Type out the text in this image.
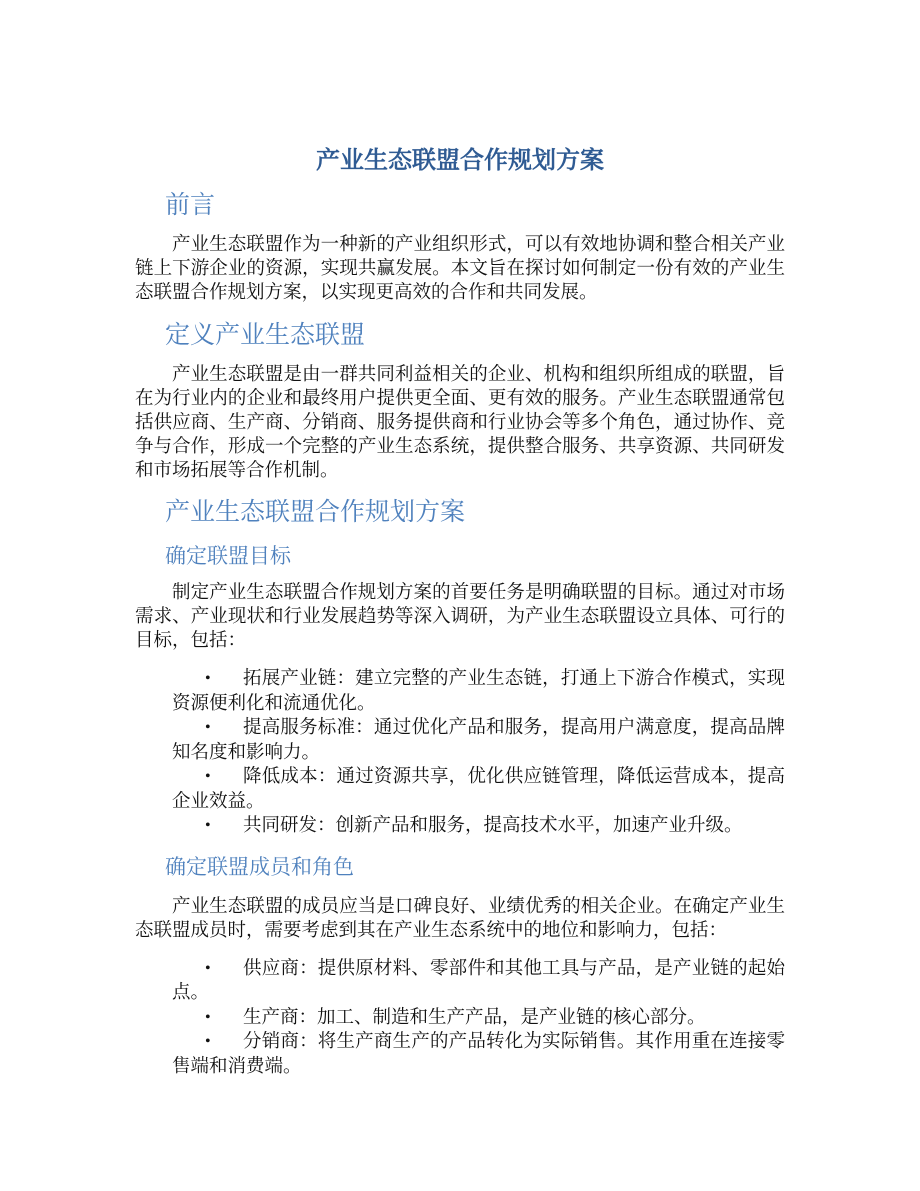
产业生态联盟合作规划方案
前言

产业生态联盟作为一种新的产业组织形式，可以有效地协调和整合相关产业链上下游企业的资源，实现共赢发展。本文旨在探讨如何制定一份有效的产业生态联盟合作规划方案，以实现更高效的合作和共同发展。

定义产业生态联盟

产业生态联盟是由一群共同利益相关的企业、机构和组织所组成的联盟，旨在为行业内的企业和最终用户提供更全面、更有效的服务。产业生态联盟通常包括供应商、生产商、分销商、服务提供商和行业协会等多个角色，通过协作、竞争与合作，形成一个完整的产业生态系统，提供整合服务、共享资源、共同研发和市场拓展等合作机制。

产业生态联盟合作规划方案
确定联盟目标

制定产业生态联盟合作规划方案的首要任务是明确联盟的目标。通过对市场需求、产业现状和行业发展趋势等深入调研，为产业生态联盟设立具体、可行的目标，包括：

• 拓展产业链：建立完整的产业生态链，打通上下游合作模式，实现资源便利化和流通优化。
• 提高服务标准：通过优化产品和服务，提高用户满意度，提高品牌知名度和影响力。
• 降低成本：通过资源共享，优化供应链管理，降低运营成本，提高企业效益。
• 共同研发：创新产品和服务，提高技术水平，加速产业升级。
确定联盟成员和角色

产业生态联盟的成员应当是口碑良好、业绩优秀的相关企业。在确定产业生态联盟成员时，需要考虑到其在产业生态系统中的地位和影响力，包括：

• 供应商：提供原材料、零部件和其他工具与产品，是产业链的起始点。
• 生产商：加工、制造和生产产品，是产业链的核心部分。
• 分销商：将生产商生产的产品转化为实际销售。其作用重在连接零售端和消费端。
